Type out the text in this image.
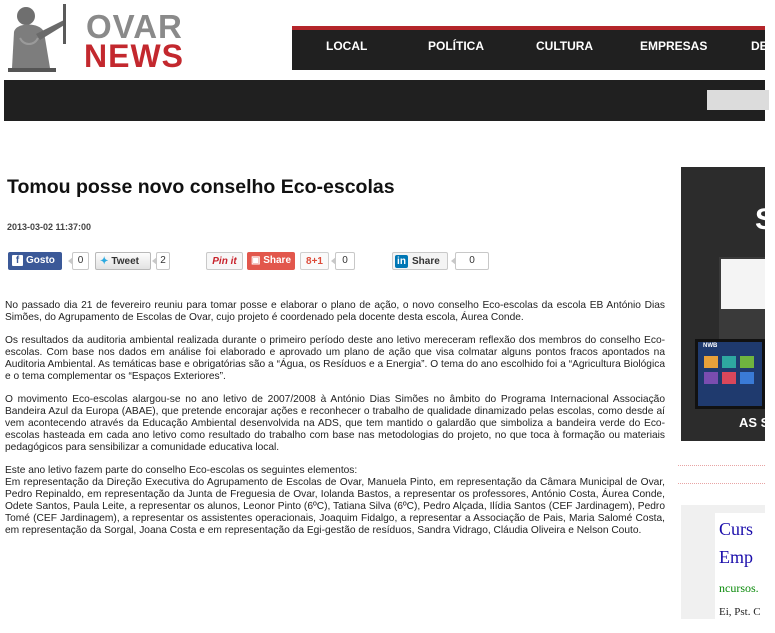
OVAR
NEWS	LOCAL	POLÍTICA	CULTURA	EMPRESAS	DE
Tomou posse novo conselho Eco-escolas
2013-03-02 11:37:00
f Gosto	0	✦ Tweet	2	Pin it	▣ Share	8+1	0	in Share	0

No passado dia 21 de fevereiro reuniu para tomar posse e elaborar o plano de ação, o novo conselho Eco-escolas da escola EB António Dias Simões, do Agrupamento de Escolas de Ovar, cujo projeto é coordenado pela docente desta escola, Áurea Conde.

Os resultados da auditoria ambiental realizada durante o primeiro período deste ano letivo mereceram reflexão dos membros do conselho Eco-escolas. Com base nos dados em análise foi elaborado e aprovado um plano de ação que visa colmatar alguns pontos fracos apontados na Auditoria Ambiental. As temáticas base e obrigatórias são a “Água, os Resíduos e a Energia”. O tema do ano escolhido foi a “Agricultura Biológica e o tema complementar os “Espaços Exteriores”.

O movimento Eco-escolas alargou-se no ano letivo de 2007/2008 à António Dias Simões no âmbito do Programa Internacional Associação Bandeira Azul da Europa (ABAE), que pretende encorajar ações e reconhecer o trabalho de qualidade dinamizado pelas escolas, como desde aí vem acontecendo através da Educação Ambiental desenvolvida na ADS, que tem mantido o galardão que simboliza a bandeira verde do Eco-escolas hasteada em cada ano letivo como resultado do trabalho com base nas metodologias do projeto, no que toca à formação ou materiais pedagógicos para sensibilizar a comunidade educativa local.

Este ano letivo fazem parte do conselho Eco-escolas os seguintes elementos:

Em representação da Direção Executiva do Agrupamento de Escolas de Ovar, Manuela Pinto, em representação da Câmara Municipal de Ovar, Pedro Repinaldo, em representação da Junta de Freguesia de Ovar, Iolanda Bastos, a representar os professores, António Costa, Áurea Conde, Odete Santos, Paula Leite, a representar os alunos, Leonor Pinto (6ºC), Tatiana Silva (6ºC), Pedro Alçada, Ilídia Santos (CEF Jardinagem), Pedro Tomé (CEF Jardinagem), a representar os assistentes operacionais, Joaquim Fidalgo, a representar a Associação de Pais, Maria Salomé Costa, em representação da Sorgal, Joana Costa e em representação da Egi-gestão de resíduos, Sandra Vidrago, Cláudia Oliveira e Nelson Couto.

S
NWB
AS S
Curs
Emp
ncursos.
Ei, Pst. C
